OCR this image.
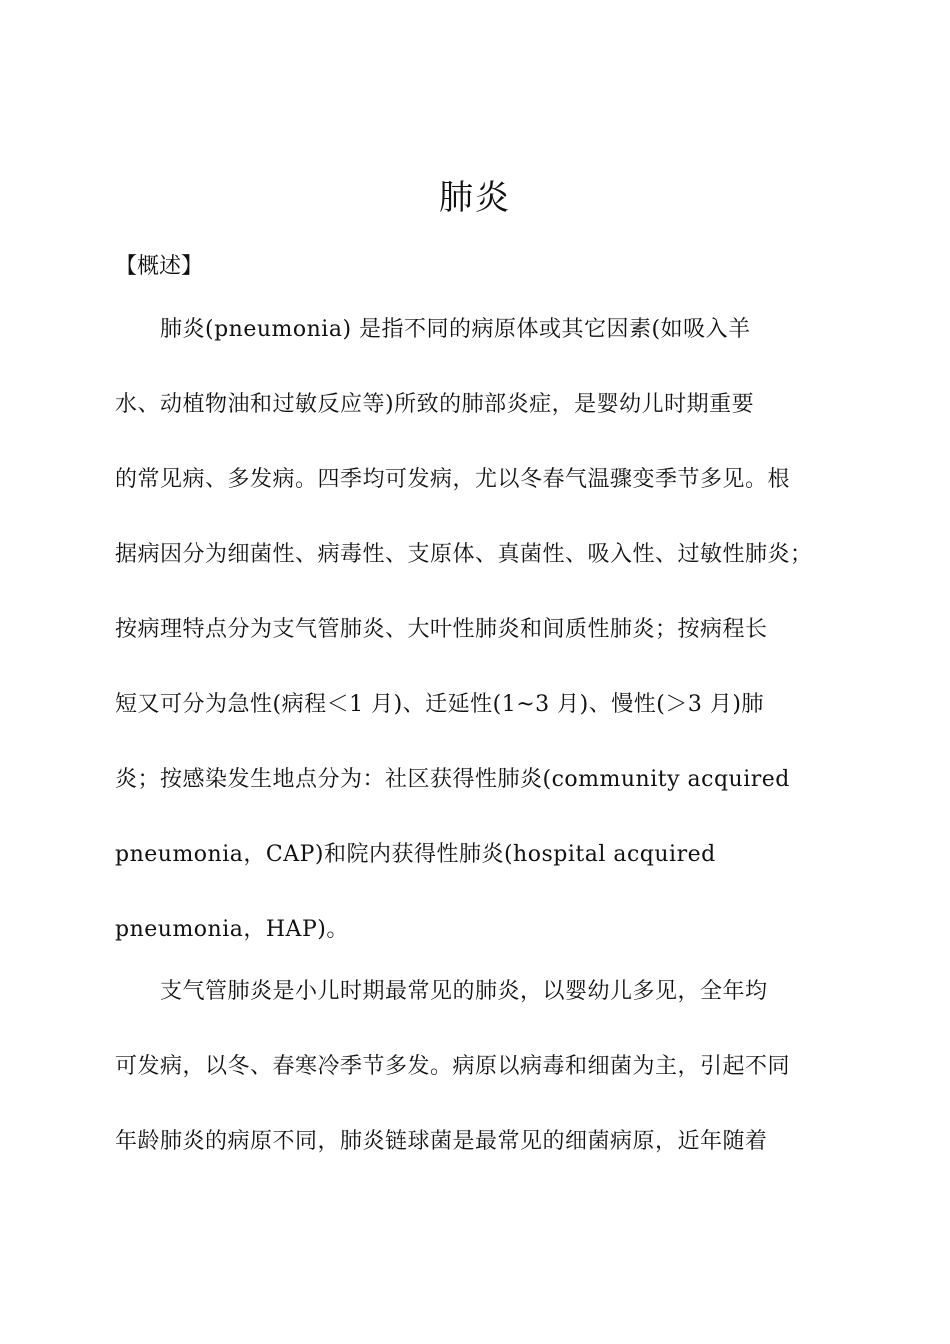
肺炎
【概述】
肺炎(pneumonia) 是指不同的病原体或其它因素(如吸入羊
水、动植物油和过敏反应等)所致的肺部炎症，是婴幼儿时期重要
的常见病、多发病。四季均可发病，尤以冬春气温骤变季节多见。根
据病因分为细菌性、病毒性、支原体、真菌性、吸入性、过敏性肺炎；
按病理特点分为支气管肺炎、大叶性肺炎和间质性肺炎；按病程长
短又可分为急性(病程＜1 月)、迁延性(1~3 月)、慢性(＞3 月)肺
炎；按感染发生地点分为：社区获得性肺炎(community acquired
pneumonia，CAP)和院内获得性肺炎(hospital acquired
pneumonia，HAP)。
支气管肺炎是小儿时期最常见的肺炎，以婴幼儿多见，全年均
可发病，以冬、春寒冷季节多发。病原以病毒和细菌为主，引起不同
年龄肺炎的病原不同，肺炎链球菌是最常见的细菌病原，近年随着
